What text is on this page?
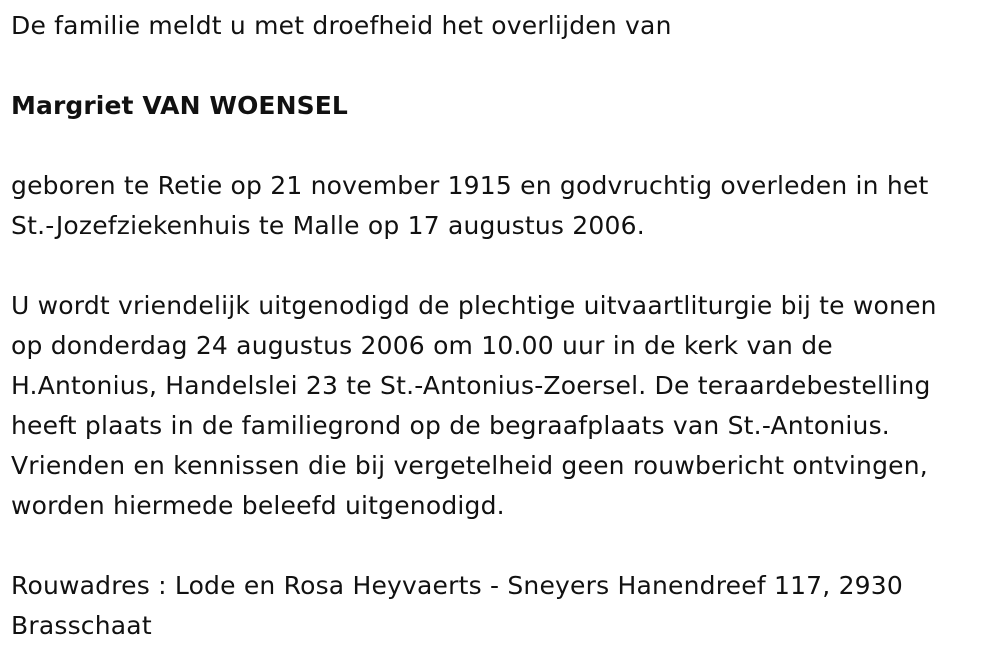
De familie meldt u met droefheid het overlijden van

Margriet VAN WOENSEL

geboren te Retie op 21 november 1915 en godvruchtig overleden in het
St.-Jozefziekenhuis te Malle op 17 augustus 2006.

U wordt vriendelijk uitgenodigd de plechtige uitvaartliturgie bij te wonen
op donderdag 24 augustus 2006 om 10.00 uur in de kerk van de
H.Antonius, Handelslei 23 te St.-Antonius-Zoersel. De teraardebestelling
heeft plaats in de familiegrond op de begraafplaats van St.-Antonius.
Vrienden en kennissen die bij vergetelheid geen rouwbericht ontvingen,
worden hiermede beleefd uitgenodigd.

Rouwadres : Lode en Rosa Heyvaerts - Sneyers Hanendreef 117, 2930
Brasschaat
